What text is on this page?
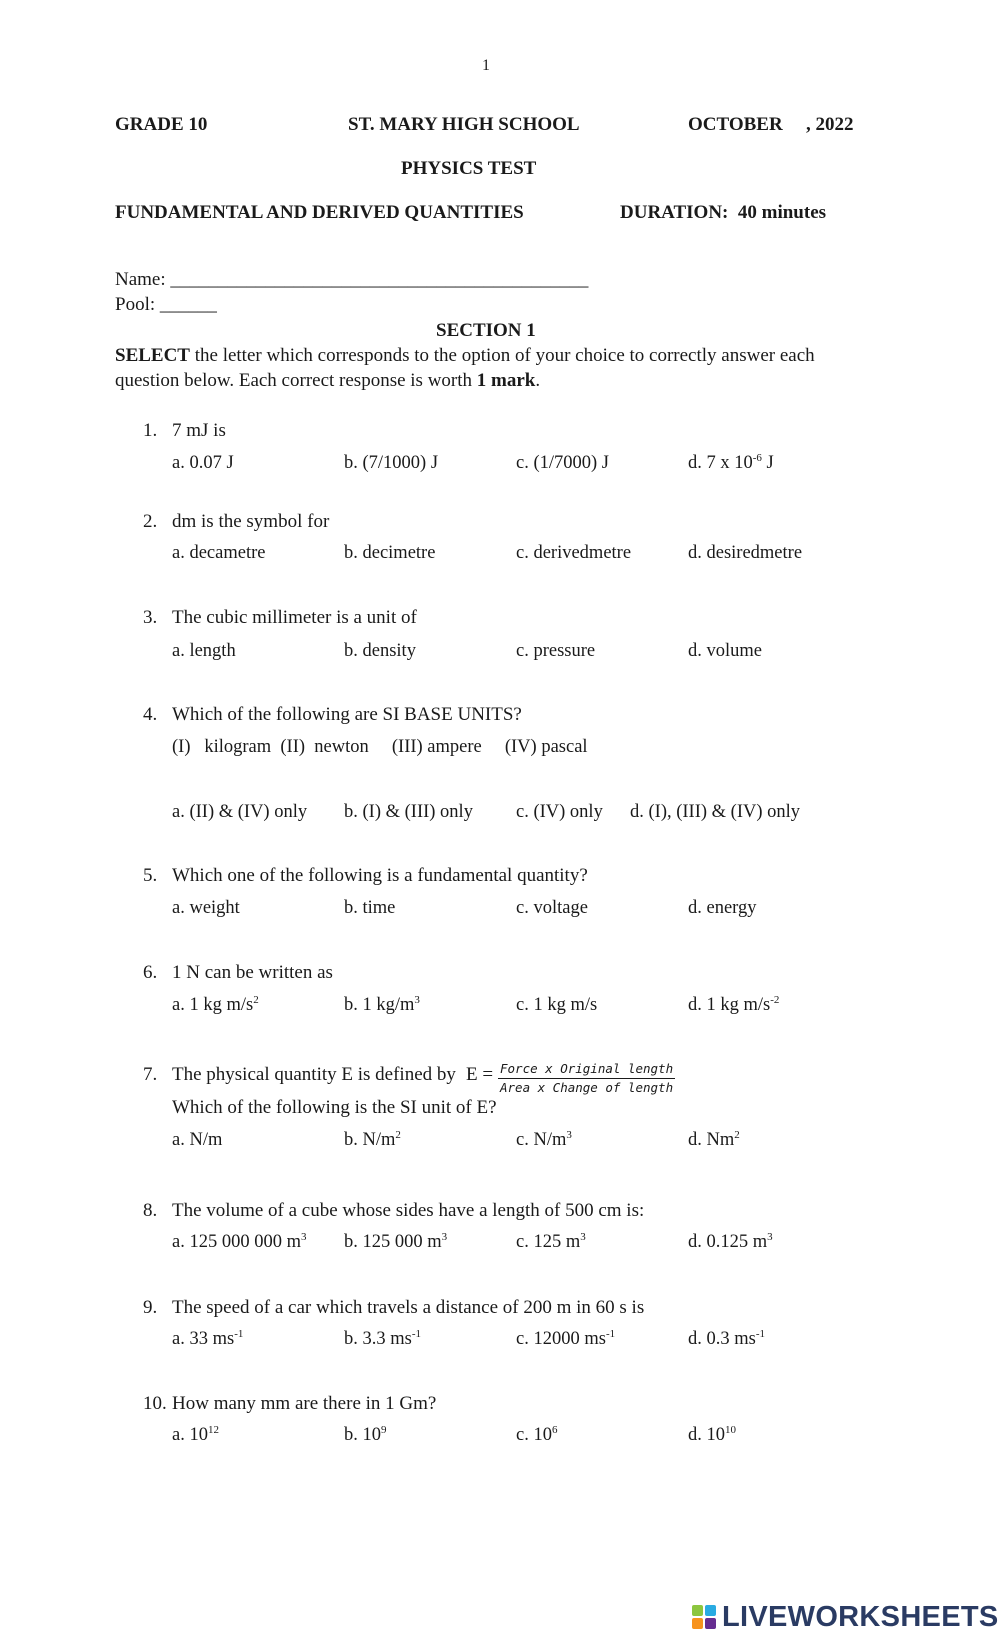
1
GRADE 10	ST. MARY HIGH SCHOOL	OCTOBER , 2022
PHYSICS TEST
FUNDAMENTAL AND DERIVED QUANTITIES	DURATION: 40 minutes
Name: ____________________________________________
Pool: ______
SECTION 1
SELECT the letter which corresponds to the option of your choice to correctly answer each
question below. Each correct response is worth 1 mark.
1. 7 mJ is
a. 0.07 J	b. (7/1000) J	c. (1/7000) J	d. 7 x $10^{-6}$ J
2. dm is the symbol for
a. decametre	b. decimetre	c. derivedmetre	d. desiredmetre
3. The cubic millimeter is a unit of
a. length	b. density	c. pressure	d. volume
4. Which of the following are SI BASE UNITS?
(I)   kilogram  (II)  newton     (III) ampere     (IV) pascal
a. (II) & (IV) only b. (I) & (III) only c. (IV) only d. (I), (III) & (IV) only
5. Which one of the following is a fundamental quantity?
a. weight	b. time	c. voltage	d. energy
6. 1 N can be written as
a. 1 kg $m/s^2$	b. 1 $kg/m^3$	c. 1 kg m/s	d. 1 kg $m/s^{-2}$
7. The physical quantity E is defined by $E = \frac{\text{Force x Original length}}{\text{Area x Change of length}}$
Which of the following is the SI unit of E?
a. N/m	b. $N/m^2$	c. $N/m^3$	d. Nm$^2$
8. The volume of a cube whose sides have a length of 500 cm is:
a. 125 000 000 $m^3$ b. 125 000 $m^3$	c. 125 $m^3$	d. 0.125 $m^3$
9. The speed of a car which travels a distance of 200 m in 60 s is
a. 33 $ms^{-1}$	b. 3.3 $ms^{-1}$	c. 12000 $ms^{-1}$	d. 0.3 $ms^{-1}$
10. How many mm are there in 1 Gm?
a. $10^{12}$	b. $10^9$	c. $10^6$	d. $10^{10}$
LIVEWORKSHEETS
